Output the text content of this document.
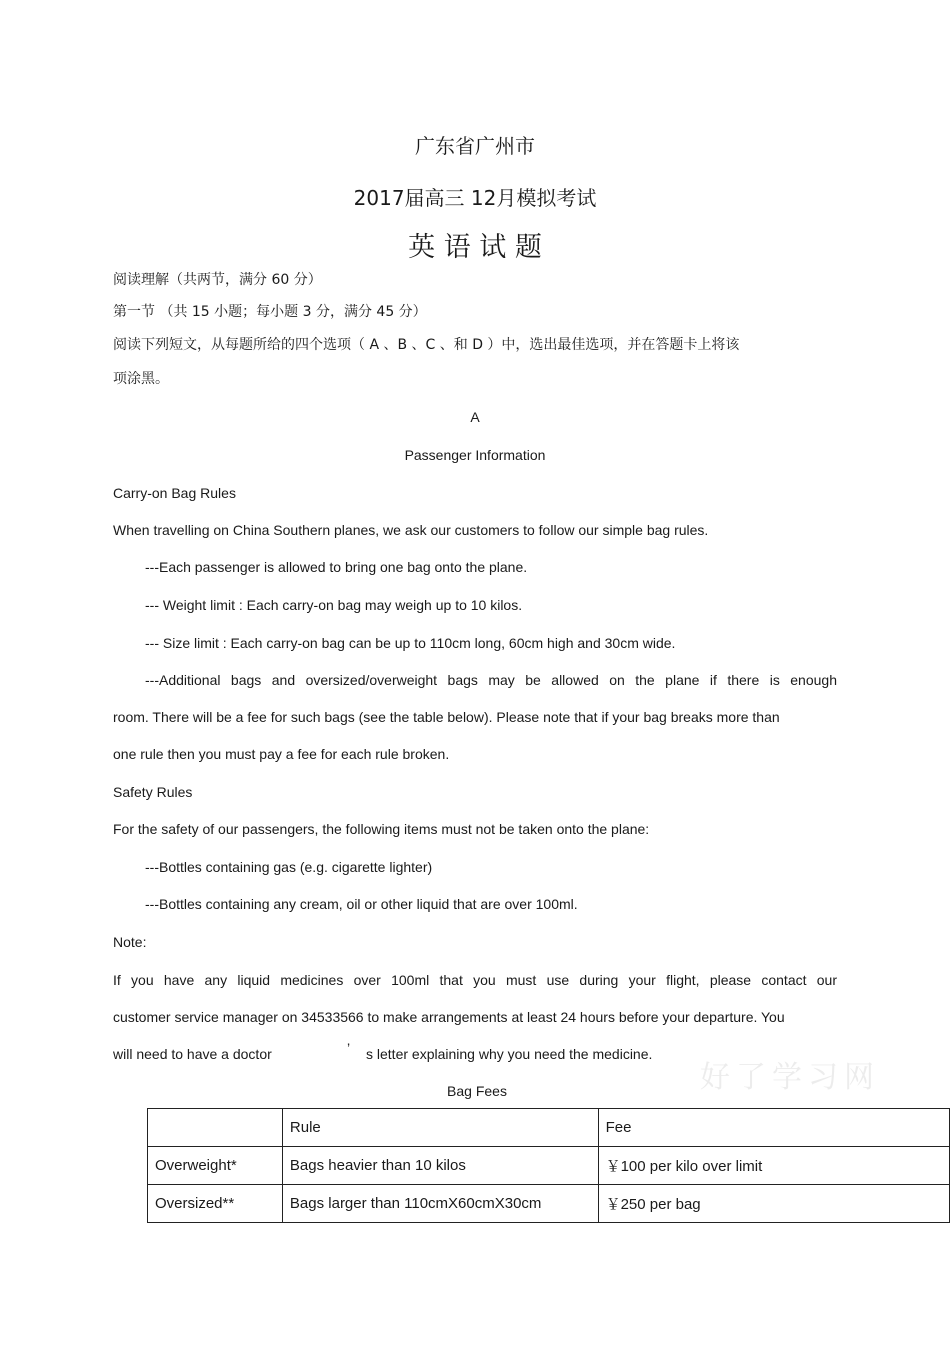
好了学习网
广东省广州市
2017届高三 12月模拟考试
英 语 试 题
阅读理解（共两节，满分 60 分）
第一节 （共 15 小题；每小题 3 分，满分 45 分）
阅读下列短文，从每题所给的四个选项（ A 、B 、C 、和 D ）中，选出最佳选项，并在答题卡上将该
项涂黑。
A
Passenger Information
Carry-on Bag Rules
When travelling on China Southern planes, we ask our customers to follow our simple bag rules.
---Each passenger is allowed to bring one bag onto the plane.
--- Weight limit : Each carry-on bag may weigh up to 10 kilos.
--- Size limit : Each carry-on bag can be up to 110cm long, 60cm high and 30cm wide.
---Additional bags and oversized/overweight bags may be allowed on the plane if there is enough
room. There will be a fee for such bags (see the table below). Please note that if your bag breaks more than
one rule then you must pay a fee for each rule broken.
Safety Rules
For the safety of our passengers, the following items must not be taken onto the plane:
---Bottles containing gas (e.g. cigarette lighter)
---Bottles containing any cream, oil or other liquid that are over 100ml.
Note:
If you have any liquid medicines over 100ml that you must use during your flight, please contact our
customer service manager on 34533566 to make arrangements at least 24 hours before your departure. You
will need to have a doctor	’ s letter explaining why you need the medicine.
Bag Fees
	Rule	Fee
Overweight*	Bags heavier than 10 kilos	￥100 per kilo over limit
Oversized**	Bags larger than 110cmX60cmX30cm	￥250 per bag
